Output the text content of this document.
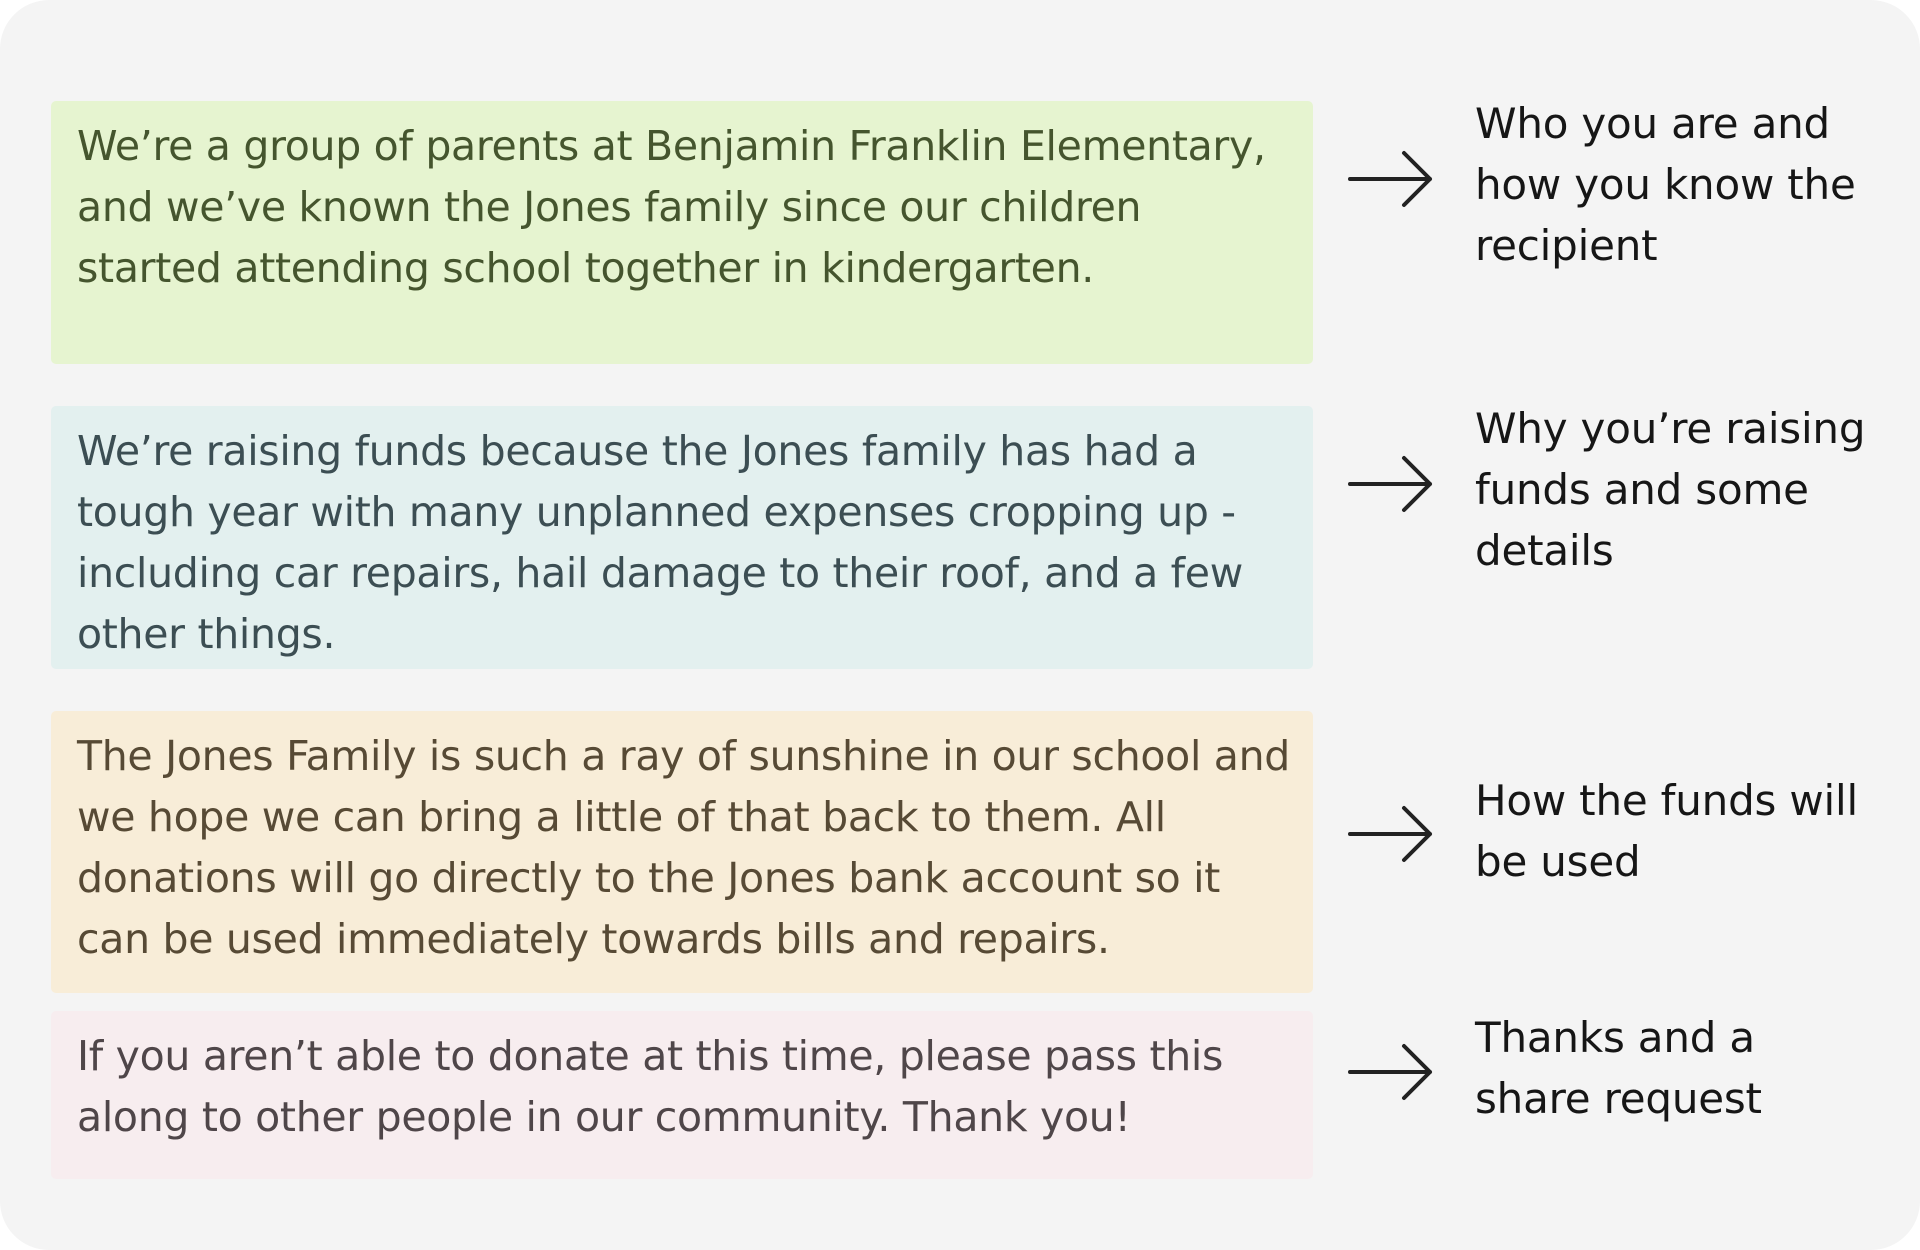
We’re a group of parents at Benjamin Franklin Elementary, and we’ve known the Jones family since our children started attending school together in kindergarten.
Who you are and how you know the recipient
We’re raising funds because the Jones family has had a tough year with many unplanned expenses cropping up - including car repairs, hail damage to their roof, and a few other things.
Why you’re raising funds and some details
The Jones Family is such a ray of sunshine in our school and we hope we can bring a little of that back to them. All donations will go directly to the Jones bank account so it can be used immediately towards bills and repairs.
How the funds will be used
If you aren’t able to donate at this time, please pass this along to other people in our community. Thank you!
Thanks and a share request
